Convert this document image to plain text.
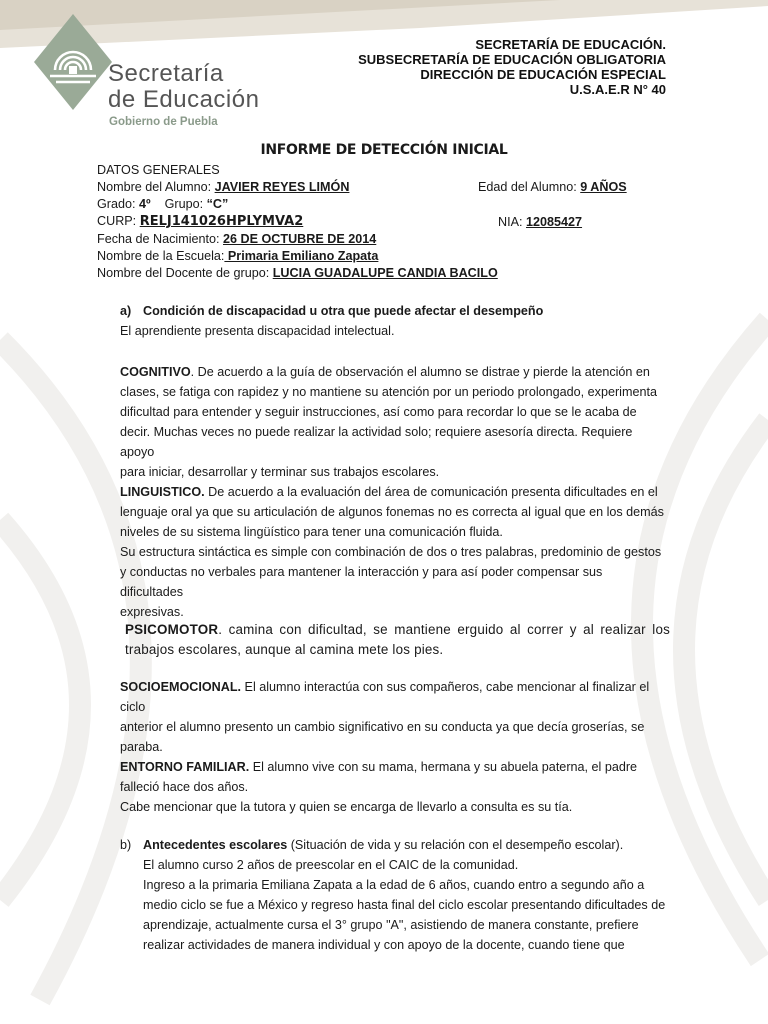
Secretaría
de Educación
Gobierno de Puebla
SECRETARÍA DE EDUCACIÓN.
SUBSECRETARÍA DE EDUCACIÓN OBLIGATORIA
DIRECCIÓN DE EDUCACIÓN ESPECIAL
U.S.A.E.R N° 40
INFORME DE DETECCIÓN INICIAL
DATOS GENERALES
Nombre del Alumno: JAVIER REYES LIMÓN	Edad del Alumno: 9 AÑOS
Grado: 4º Grupo: “C”
CURP: RELJ141026HPLYMVA2	NIA: 12085427
Fecha de Nacimiento: 26 DE OCTUBRE DE 2014
Nombre de la Escuela: Primaria Emiliano Zapata
Nombre del Docente de grupo: LUCIA GUADALUPE CANDIA BACILO
a) Condición de discapacidad u otra que puede afectar el desempeño
El aprendiente presenta discapacidad intelectual.

COGNITIVO. De acuerdo a la guía de observación el alumno se distrae y pierde la atención en

clases, se fatiga con rapidez y no mantiene su atención por un periodo prolongado, experimenta

dificultad para entender y seguir instrucciones, así como para recordar lo que se le acaba de

decir. Muchas veces no puede realizar la actividad solo; requiere asesoría directa. Requiere apoyo

para iniciar, desarrollar y terminar sus trabajos escolares.

LINGUISTICO. De acuerdo a la evaluación del área de comunicación presenta dificultades en el

lenguaje oral ya que su articulación de algunos fonemas no es correcta al igual que en los demás

niveles de su sistema lingüístico para tener una comunicación fluida.

Su estructura sintáctica es simple con combinación de dos o tres palabras, predominio de gestos

y conductas no verbales para mantener la interacción y para así poder compensar sus dificultades

expresivas.

PSICOMOTOR. camina con dificultad, se mantiene erguido al correr y al realizar los trabajos escolares, aunque al camina mete los pies.

SOCIOEMOCIONAL. El alumno interactúa con sus compañeros, cabe mencionar al finalizar el ciclo

anterior el alumno presento un cambio significativo en su conducta ya que decía groserías, se

paraba.

ENTORNO FAMILIAR. El alumno vive con su mama, hermana y su abuela paterna, el padre

falleció hace dos años.

Cabe mencionar que la tutora y quien se encarga de llevarlo a consulta es su tía.

b) Antecedentes escolares (Situación de vida y su relación con el desempeño escolar).

El alumno curso 2 años de preescolar en el CAIC de la comunidad.

Ingreso a la primaria Emiliana Zapata a la edad de 6 años, cuando entro a segundo año a

medio ciclo se fue a México y regreso hasta final del ciclo escolar presentando dificultades de

aprendizaje, actualmente cursa el 3° grupo "A", asistiendo de manera constante, prefiere

realizar actividades de manera individual y con apoyo de la docente, cuando tiene que
